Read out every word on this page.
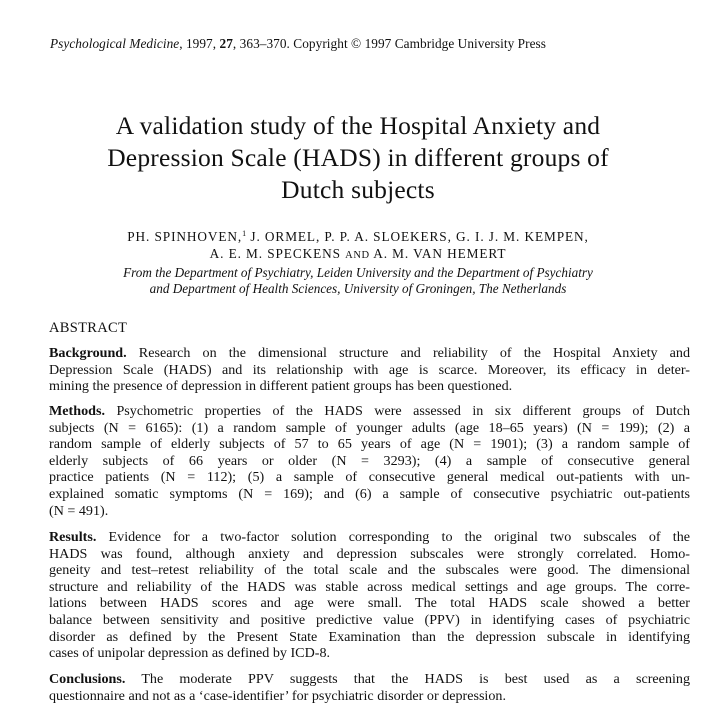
Psychological Medicine, 1997, 27, 363–370. Copyright © 1997 Cambridge University Press
A validation study of the Hospital Anxiety and
Depression Scale (HADS) in different groups of
Dutch subjects
PH. SPINHOVEN,$^1$ J. ORMEL, P. P. A. SLOEKERS, G. I. J. M. KEMPEN,
A. E. M. SPECKENS AND A. M. VAN HEMERT
From the Department of Psychiatry, Leiden University and the Department of Psychiatry
and Department of Health Sciences, University of Groningen, The Netherlands
ABSTRACT
Background. Research on the dimensional structure and reliability of the Hospital Anxiety and
Depression Scale (HADS) and its relationship with age is scarce. Moreover, its efficacy in deter-
mining the presence of depression in different patient groups has been questioned.
Methods. Psychometric properties of the HADS were assessed in six different groups of Dutch
subjects (N = 6165): (1) a random sample of younger adults (age 18–65 years) (N = 199); (2) a
random sample of elderly subjects of 57 to 65 years of age (N = 1901); (3) a random sample of
elderly subjects of 66 years or older (N = 3293); (4) a sample of consecutive general
practice patients (N = 112); (5) a sample of consecutive general medical out-patients with un-
explained somatic symptoms (N = 169); and (6) a sample of consecutive psychiatric out-patients
(N = 491).
Results. Evidence for a two-factor solution corresponding to the original two subscales of the
HADS was found, although anxiety and depression subscales were strongly correlated. Homo-
geneity and test–retest reliability of the total scale and the subscales were good. The dimensional
structure and reliability of the HADS was stable across medical settings and age groups. The corre-
lations between HADS scores and age were small. The total HADS scale showed a better
balance between sensitivity and positive predictive value (PPV) in identifying cases of psychiatric
disorder as defined by the Present State Examination than the depression subscale in identifying
cases of unipolar depression as defined by ICD-8.
Conclusions. The moderate PPV suggests that the HADS is best used as a screening
questionnaire and not as a ‘case-identifier’ for psychiatric disorder or depression.
